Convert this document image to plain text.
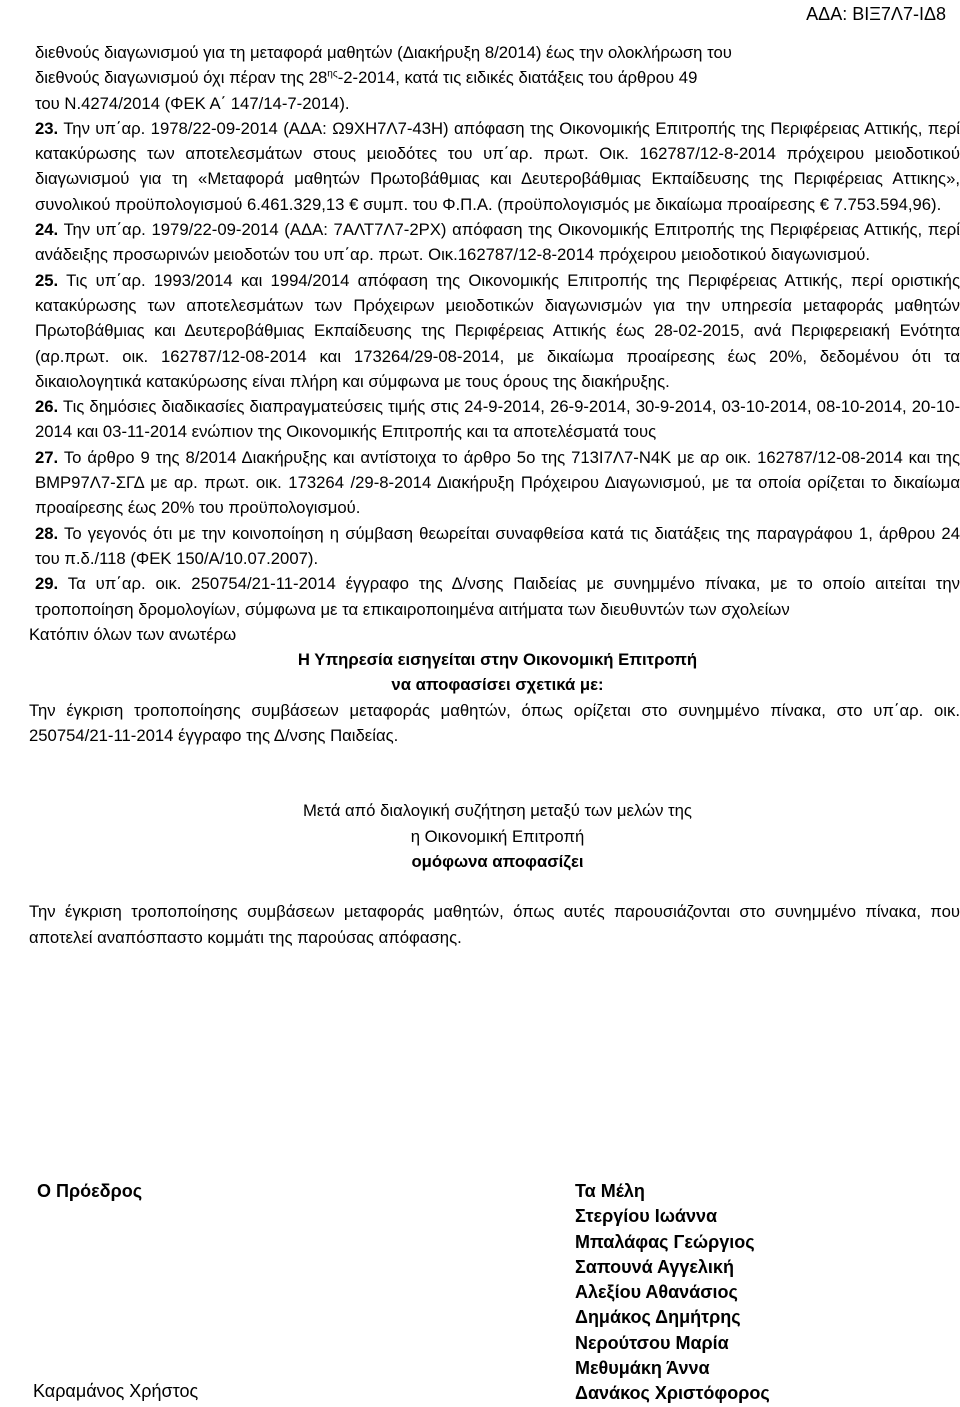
ΑΔΑ: ΒΙΞ7Λ7-ΙΔ8

διεθνούς διαγωνισμού για τη μεταφορά μαθητών (Διακήρυξη 8/2014) έως την ολοκλήρωση του

διεθνούς διαγωνισμού όχι πέραν της $28^{\eta\varsigma}-2-2014$, κατά τις ειδικές διατάξεις του άρθρου 49

του Ν.4274/2014 (ΦΕΚ Α΄ 147/14-7-2014).

23. Την υπ΄αρ. 1978/22-09-2014 (ΑΔΑ: Ω9ΧΗ7Λ7-43Η) απόφαση της Οικονομικής Επιτροπής της Περιφέρειας Αττικής, περί κατακύρωσης των αποτελεσμάτων στους μειοδότες του υπ΄αρ. πρωτ. Οικ. 162787/12-8-2014 πρόχειρου μειοδοτικού διαγωνισμού για τη «Μεταφορά μαθητών Πρωτοβάθμιας και Δευτεροβάθμιας Εκπαίδευσης της Περιφέρειας Αττικης», συνολικού προϋπολογισμού 6.461.329,13 € συμπ. του Φ.Π.Α. (προϋπολογισμός με δικαίωμα προαίρεσης € 7.753.594,96).

24. Την υπ΄αρ. 1979/22-09-2014 (ΑΔΑ: 7ΑΛΤ7Λ7-2ΡΧ) απόφαση της Οικονομικής Επιτροπής της Περιφέρειας Αττικής, περί ανάδειξης προσωρινών μειοδοτών του υπ΄αρ. πρωτ. Οικ.162787/12-8-2014 πρόχειρου μειοδοτικού διαγωνισμού.

25. Τις υπ΄αρ. 1993/2014 και 1994/2014 απόφαση της Οικονομικής Επιτροπής της Περιφέρειας Αττικής, περί οριστικής κατακύρωσης των αποτελεσμάτων των Πρόχειρων μειοδοτικών διαγωνισμών για την υπηρεσία μεταφοράς μαθητών Πρωτοβάθμιας και Δευτεροβάθμιας Εκπαίδευσης της Περιφέρειας Αττικής έως 28-02-2015, ανά Περιφερειακή Ενότητα (αρ.πρωτ. οικ. 162787/12-08-2014 και 173264/29-08-2014, με δικαίωμα προαίρεσης έως 20%, δεδομένου ότι τα δικαιολογητικά κατακύρωσης είναι πλήρη και σύμφωνα με τους όρους της διακήρυξης.

26. Τις δημόσιες διαδικασίες διαπραγματεύσεις τιμής στις 24-9-2014, 26-9-2014, 30-9-2014, 03-10-2014, 08-10-2014, 20-10-2014 και 03-11-2014 ενώπιον της Οικονομικής Επιτροπής και τα αποτελέσματά τους

27. Το άρθρο 9 της 8/2014 Διακήρυξης και αντίστοιχα το άρθρο 5ο της 713Ι7Λ7-Ν4Κ με αρ οικ. 162787/12-08-2014 και της ΒΜΡ97Λ7-ΣΓΔ με αρ. πρωτ. οικ. 173264 /29-8-2014 Διακήρυξη Πρόχειρου Διαγωνισμού, με τα οποία ορίζεται το δικαίωμα προαίρεσης έως 20% του προϋπολογισμού.

28. Το γεγονός ότι με την κοινοποίηση η σύμβαση θεωρείται συναφθείσα κατά τις διατάξεις της παραγράφου 1, άρθρου 24 του π.δ./118 (ΦΕΚ 150/Α/10.07.2007).

29. Τα υπ΄αρ. οικ. 250754/21-11-2014 έγγραφο της Δ/νσης Παιδείας με συνημμένο πίνακα, με το οποίο αιτείται την τροποποίηση δρομολογίων, σύμφωνα με τα επικαιροποιημένα αιτήματα των διευθυντών των σχολείων

Κατόπιν όλων των ανωτέρω

Η Υπηρεσία εισηγείται στην Οικονομική Επιτροπή

να αποφασίσει σχετικά με:

Την έγκριση τροποποίησης συμβάσεων μεταφοράς μαθητών, όπως ορίζεται στο συνημμένο πίνακα, στο υπ΄αρ. οικ. 250754/21-11-2014 έγγραφο της Δ/νσης Παιδείας.

Μετά από διαλογική συζήτηση μεταξύ των μελών της

η Οικονομική Επιτροπή

ομόφωνα αποφασίζει

Την έγκριση τροποποίησης συμβάσεων μεταφοράς μαθητών, όπως αυτές παρουσιάζονται στο συνημμένο πίνακα, που αποτελεί αναπόσπαστο κομμάτι της παρούσας απόφασης.

Ο Πρόεδρος
Καραμάνος Χρήστος
Τα Μέλη
Στεργίου Ιωάννα
Μπαλάφας Γεώργιος
Σαπουνά Αγγελική
Αλεξίου Αθανάσιος
Δημάκος Δημήτρης
Νερούτσου Μαρία
Μεθυμάκη Άννα
Δανάκος Χριστόφορος
